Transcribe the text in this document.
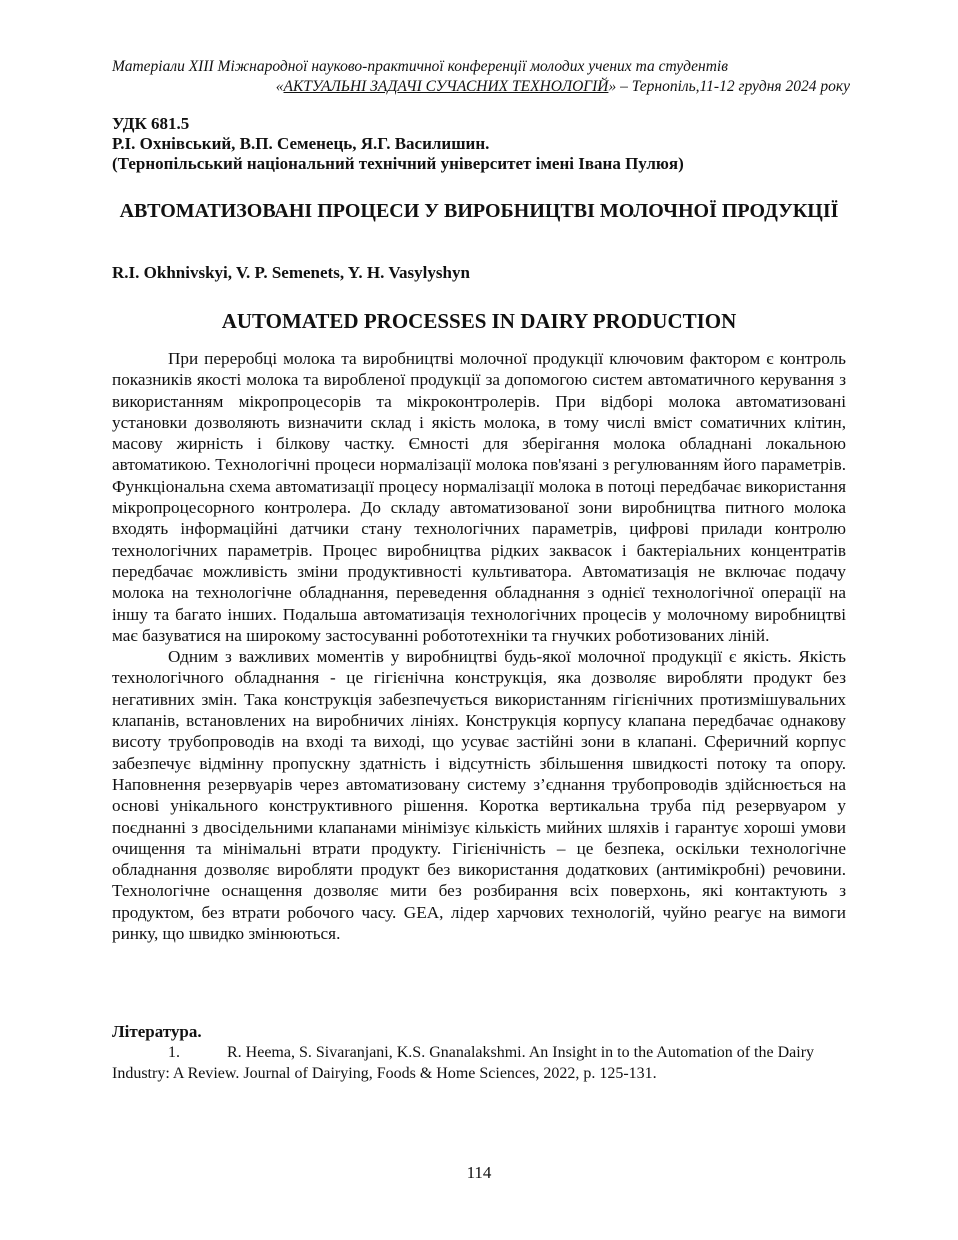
Матеріали XIII Міжнародної науково-практичної конференції молодих учених та студентів
«АКТУАЛЬНІ ЗАДАЧІ СУЧАСНИХ ТЕХНОЛОГІЙ» – Тернопіль,11-12 грудня 2024 року
УДК 681.5
Р.І. Охнівський, В.П. Семенець, Я.Г. Василишин.
(Тернопільський національний технічний університет імені Івана Пулюя)
АВТОМАТИЗОВАНІ ПРОЦЕСИ У ВИРОБНИЦТВІ МОЛОЧНОЇ ПРОДУКЦІЇ
R.I. Okhnivskyi, V. P. Semenets, Y. H. Vasylyshyn
AUTOMATED PROCESSES IN DAIRY PRODUCTION

При переробці молока та виробництві молочної продукції ключовим фактором є контроль показників якості молока та виробленої продукції за допомогою систем автоматичного керування з використанням мікропроцесорів та мікроконтролерів. При відборі молока автоматизовані установки дозволяють визначити склад і якість молока, в тому числі вміст соматичних клітин, масову жирність і білкову частку. Ємності для зберігання молока обладнані локальною автоматикою. Технологічні процеси нормалізації молока пов'язані з регулюванням його параметрів. Функціональна схема автоматизації процесу нормалізації молока в потоці передбачає використання мікропроцесорного контролера. До складу автоматизованої зони виробництва питного молока входять інформаційні датчики стану технологічних параметрів, цифрові прилади контролю технологічних параметрів. Процес виробництва рідких заквасок і бактеріальних концентратів передбачає можливість зміни продуктивності культиватора. Автоматизація не включає подачу молока на технологічне обладнання, переведення обладнання з однієї технологічної операції на іншу та багато інших. Подальша автоматизація технологічних процесів у молочному виробництві має базуватися на широкому застосуванні робототехніки та гнучких роботизованих ліній.

Одним з важливих моментів у виробництві будь-якої молочної продукції є якість. Якість технологічного обладнання - це гігієнічна конструкція, яка дозволяє виробляти продукт без негативних змін. Така конструкція забезпечується використанням гігієнічних протизмішувальних клапанів, встановлених на виробничих лініях. Конструкція корпусу клапана передбачає однакову висоту трубопроводів на вході та виході, що усуває застійні зони в клапані. Сферичний корпус забезпечує відмінну пропускну здатність і відсутність збільшення швидкості потоку та опору. Наповнення резервуарів через автоматизовану систему з’єднання трубопроводів здійснюється на основі унікального конструктивного рішення. Коротка вертикальна труба під резервуаром у поєднанні з двосідельними клапанами мінімізує кількість мийних шляхів і гарантує хороші умови очищення та мінімальні втрати продукту. Гігієнічність – це безпека, оскільки технологічне обладнання дозволяє виробляти продукт без використання додаткових (антимікробні) речовини. Технологічне оснащення дозволяє мити без розбирання всіх поверхонь, які контактують з продуктом, без втрати робочого часу. GEA, лідер харчових технологій, чуйно реагує на вимоги ринку, що швидко змінюються.

Література.
1.	R. Heema, S. Sivaranjani, K.S. Gnanalakshmi. An Insight in to the Automation of the Dairy Industry: A Review. Journal of Dairying, Foods & Home Sciences, 2022, p. 125-131.
114
